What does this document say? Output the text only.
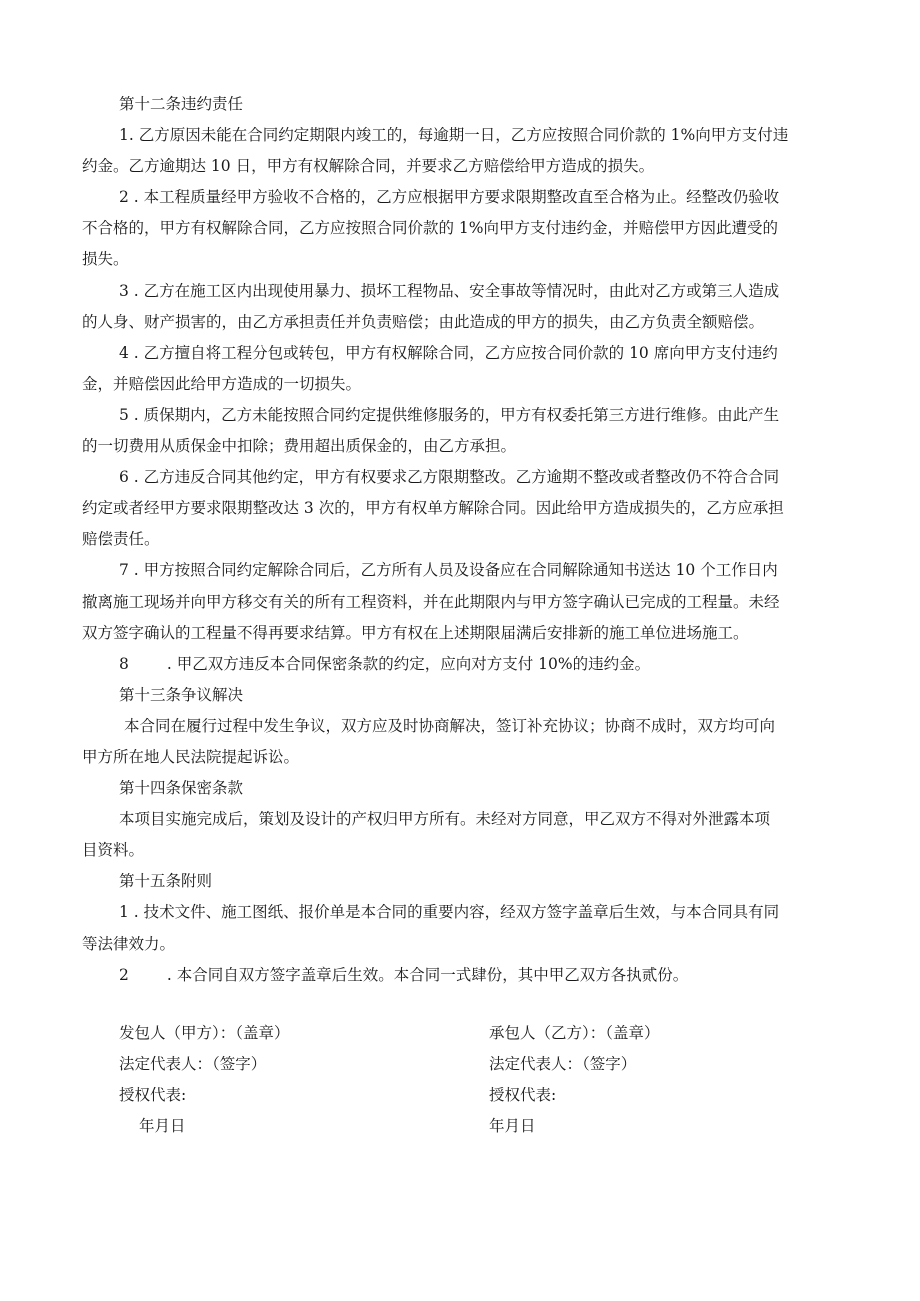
第十二条违约责任
1. 乙方原因未能在合同约定期限内竣工的，每逾期一日，乙方应按照合同价款的 1%向甲方支付违
约金。乙方逾期达 10 日，甲方有权解除合同，并要求乙方赔偿给甲方造成的损失。
2 . 本工程质量经甲方验收不合格的，乙方应根据甲方要求限期整改直至合格为止。经整改仍验收
不合格的，甲方有权解除合同，乙方应按照合同价款的 1%向甲方支付违约金，并赔偿甲方因此遭受的
损失。
3 . 乙方在施工区内出现使用暴力、损坏工程物品、安全事故等情况时，由此对乙方或第三人造成
的人身、财产损害的，由乙方承担责任并负责赔偿；由此造成的甲方的损失，由乙方负责全额赔偿。
4 . 乙方擅自将工程分包或转包，甲方有权解除合同，乙方应按合同价款的 10 席向甲方支付违约
金，并赔偿因此给甲方造成的一切损失。
5 . 质保期内，乙方未能按照合同约定提供维修服务的，甲方有权委托第三方进行维修。由此产生
的一切费用从质保金中扣除；费用超出质保金的，由乙方承担。
6 . 乙方违反合同其他约定，甲方有权要求乙方限期整改。乙方逾期不整改或者整改仍不符合合同
约定或者经甲方要求限期整改达 3 次的，甲方有权单方解除合同。因此给甲方造成损失的，乙方应承担
赔偿责任。
7 . 甲方按照合同约定解除合同后，乙方所有人员及设备应在合同解除通知书送达 10 个工作日内
撤离施工现场并向甲方移交有关的所有工程资料，并在此期限内与甲方签字确认已完成的工程量。未经
双方签字确认的工程量不得再要求结算。甲方有权在上述期限届满后安排新的施工单位进场施工。
8 . 甲乙双方违反本合同保密条款的约定，应向对方支付 10%的违约金。
第十三条争议解决
本合同在履行过程中发生争议，双方应及时协商解决，签订补充协议；协商不成时，双方均可向
甲方所在地人民法院提起诉讼。
第十四条保密条款
本项目实施完成后，策划及设计的产权归甲方所有。未经对方同意，甲乙双方不得对外泄露本项
目资料。
第十五条附则
1 . 技术文件、施工图纸、报价单是本合同的重要内容，经双方签字盖章后生效，与本合同具有同
等法律效力。
2 . 本合同自双方签字盖章后生效。本合同一式肆份，其中甲乙双方各执贰份。
发包人（甲方）：（盖章）
法定代表人：（签字）
授权代表:
年月日
承包人（乙方）：（盖章）
法定代表人：（签字）
授权代表:
年月日
